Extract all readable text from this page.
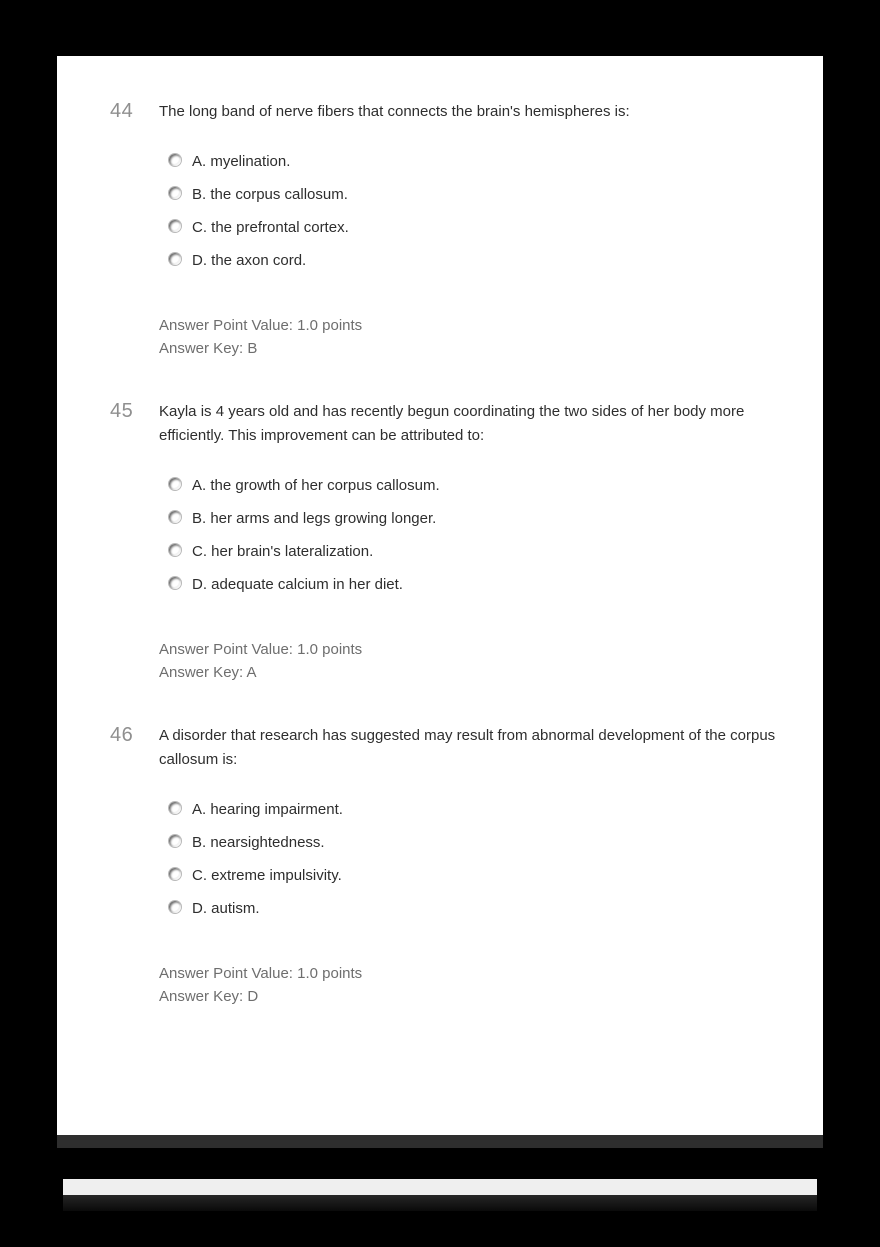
44	The long band of nerve fibers that connects the brain's hemispheres is:

A. myelination.
B. the corpus callosum.
C. the prefrontal cortex.
D. the axon cord.

Answer Point Value: 1.0 points

Answer Key: B

45	Kayla is 4 years old and has recently begun coordinating the two sides of her body more efficiently. This improvement can be attributed to:

A. the growth of her corpus callosum.
B. her arms and legs growing longer.
C. her brain's lateralization.
D. adequate calcium in her diet.

Answer Point Value: 1.0 points

Answer Key: A

46	A disorder that research has suggested may result from abnormal development of the corpus callosum is:

A. hearing impairment.
B. nearsightedness.
C. extreme impulsivity.
D. autism.

Answer Point Value: 1.0 points

Answer Key: D
